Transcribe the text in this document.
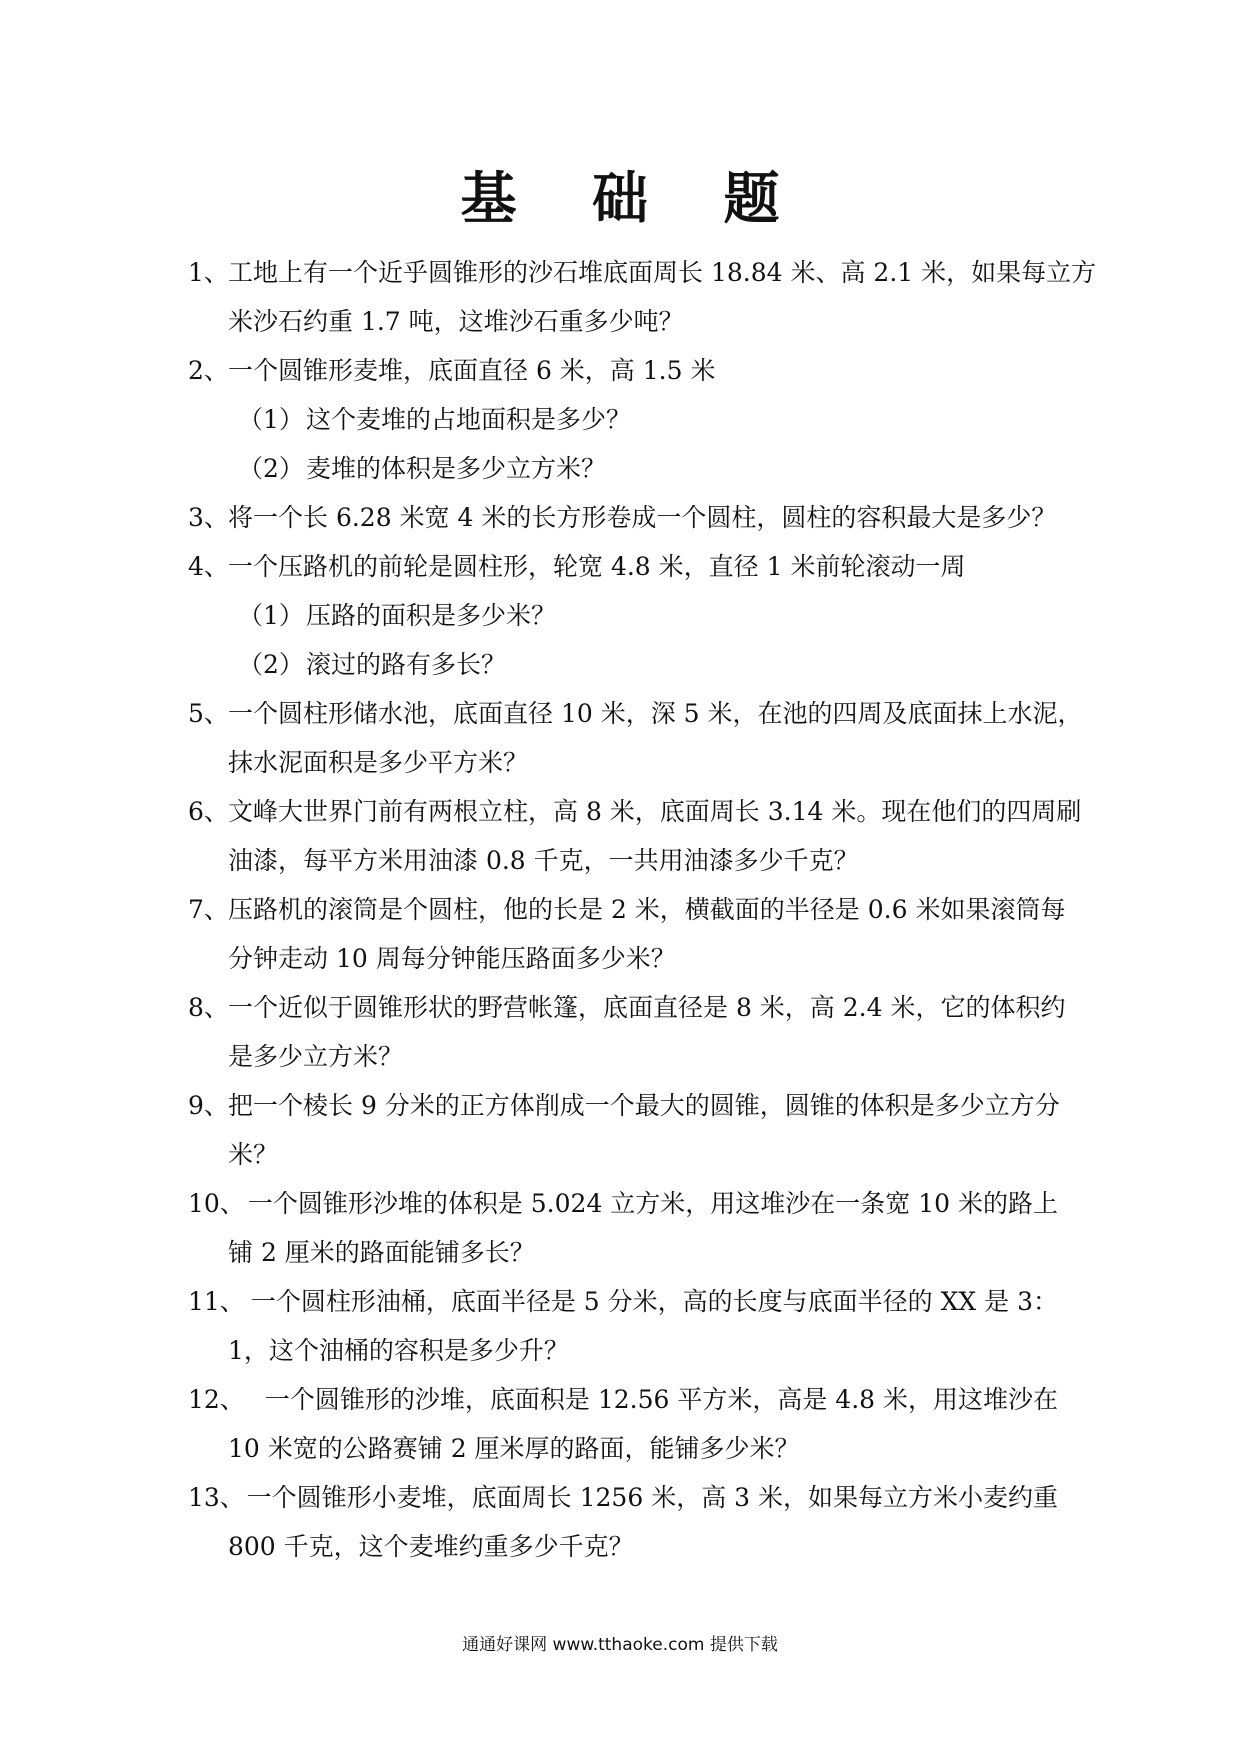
基 础 题
1、 工地上有一个近乎圆锥形的沙石堆底面周长 18.84 米、高 2.1 米，如果每立方
米沙石约重 1.7 吨，这堆沙石重多少吨？
2、 一个圆锥形麦堆，底面直径 6 米，高 1.5 米
（1）这个麦堆的占地面积是多少？
（2）麦堆的体积是多少立方米？
3、 将一个长 6.28 米宽 4 米的长方形卷成一个圆柱，圆柱的容积最大是多少？
4、 一个压路机的前轮是圆柱形，轮宽 4.8 米，直径 1 米前轮滚动一周
（1）压路的面积是多少米？
（2）滚过的路有多长？
5、 一个圆柱形储水池，底面直径 10 米，深 5 米，在池的四周及底面抹上水泥，
抹水泥面积是多少平方米？
6、 文峰大世界门前有两根立柱，高 8 米，底面周长 3.14 米。现在他们的四周刷
油漆，每平方米用油漆 0.8 千克，一共用油漆多少千克？
7、 压路机的滚筒是个圆柱，他的长是 2 米，横截面的半径是 0.6 米如果滚筒每
分钟走动 10 周每分钟能压路面多少米？
8、 一个近似于圆锥形状的野营帐篷，底面直径是 8 米，高 2.4 米，它的体积约
是多少立方米？
9、 把一个棱长 9 分米的正方体削成一个最大的圆锥，圆锥的体积是多少立方分
米？
10、 一个圆锥形沙堆的体积是 5.024 立方米，用这堆沙在一条宽 10 米的路上
铺 2 厘米的路面能铺多长？
11、 一个圆柱形油桶，底面半径是 5 分米，高的长度与底面半径的 XX 是 3：
1，这个油桶的容积是多少升？
12、 一个圆锥形的沙堆，底面积是 12.56 平方米，高是 4.8 米，用这堆沙在
10 米宽的公路赛铺 2 厘米厚的路面，能铺多少米？
13、 一个圆锥形小麦堆，底面周长 1256 米，高 3 米，如果每立方米小麦约重
800 千克，这个麦堆约重多少千克？
通通好课网 www.tthaoke.com 提供下载
